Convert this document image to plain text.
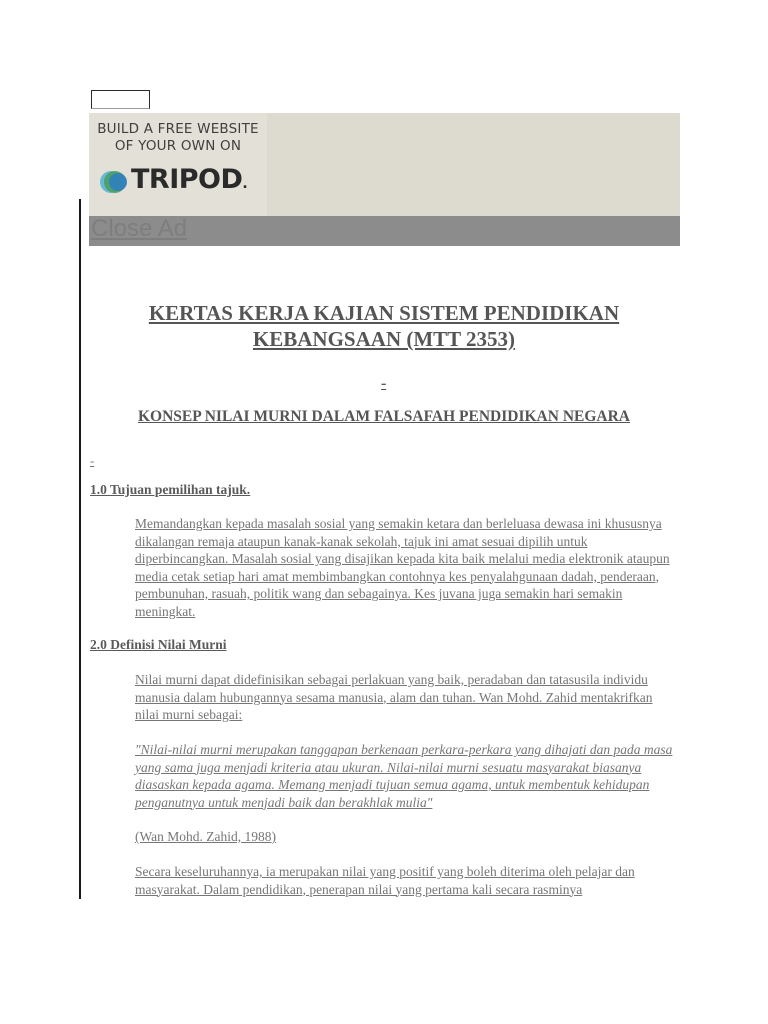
BUILD A FREE WEBSITE
OF YOUR OWN ON
TRIPOD.
Close Ad
KERTAS KERJA KAJIAN SISTEM PENDIDIKAN KEBANGSAAN (MTT 2353)
-
KONSEP NILAI MURNI DALAM FALSAFAH PENDIDIKAN NEGARA
-
1.0 Tujuan pemilihan tajuk.
Memandangkan kepada masalah sosial yang semakin ketara dan berleluasa dewasa ini khususnya dikalangan remaja ataupun kanak-kanak sekolah, tajuk ini amat sesuai dipilih untuk diperbincangkan. Masalah sosial yang disajikan kepada kita baik melalui media elektronik ataupun media cetak setiap hari amat membimbangkan contohnya kes penyalahgunaan dadah, penderaan, pembunuhan, rasuah, politik wang dan sebagainya. Kes juvana juga semakin hari semakin meningkat.
2.0 Definisi Nilai Murni
Nilai murni dapat didefinisikan sebagai perlakuan yang baik, peradaban dan tatasusila individu manusia dalam hubungannya sesama manusia, alam dan tuhan. Wan Mohd. Zahid mentakrifkan nilai murni sebagai:
"Nilai-nilai murni merupakan tanggapan berkenaan perkara-perkara yang dihajati dan pada masa yang sama juga menjadi kriteria atau ukuran. Nilai-nilai murni sesuatu masyarakat biasanya diasaskan kepada agama. Memang menjadi tujuan semua agama, untuk membentuk kehidupan penganutnya untuk menjadi baik dan berakhlak mulia"
(Wan Mohd. Zahid, 1988)
Secara keseluruhannya, ia merupakan nilai yang positif yang boleh diterima oleh pelajar dan masyarakat. Dalam pendidikan, penerapan nilai yang pertama kali secara rasminya
